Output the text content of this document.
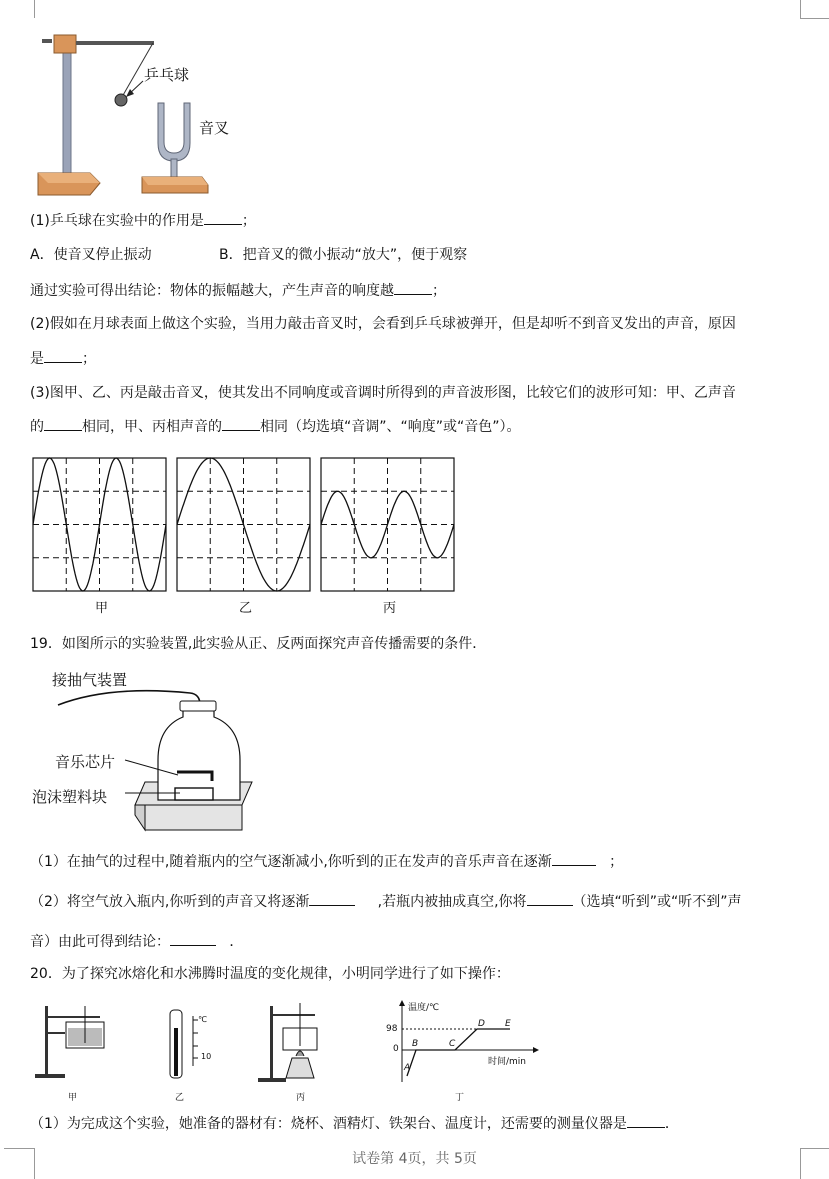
乒乓球
音叉
(1)乒乓球在实验中的作用是	；
A．使音叉停止振动	B．把音叉的微小振动“放大”，便于观察
通过实验可得出结论：物体的振幅越大，产生声音的响度越	；
(2)假如在月球表面上做这个实验，当用力敲击音叉时，会看到乒乓球被弹开，但是却听不到音叉发出的声音，原因
是	；
(3)图甲、乙、丙是敲击音叉，使其发出不同响度或音调时所得到的声音波形图，比较它们的波形可知：甲、乙声音
的	相同，甲、丙相声音的	相同（均选填“音调”、“响度”或“音色”）。
甲	乙	丙
19．如图所示的实验装置,此实验从正、反两面探究声音传播需要的条件．
接抽气装置
音乐芯片
泡沫塑料块
（1）在抽气的过程中,随着瓶内的空气逐渐减小,你听到的正在发声的音乐声音在逐渐	；
（2）将空气放入瓶内,你听到的声音又将逐渐	,若瓶内被抽成真空,你将	（选填“听到”或“听不到”声
音）由此可得到结论：	．
20．为了探究冰熔化和水沸腾时温度的变化规律，小明同学进行了如下操作：
℃
10
温度/℃
时间/min
98
0
A
B	C
D E
甲	乙	丙	丁
（1）为完成这个实验，她准备的器材有：烧杯、酒精灯、铁架台、温度计，还需要的测量仪器是	．
试卷第 4页，共 5页
